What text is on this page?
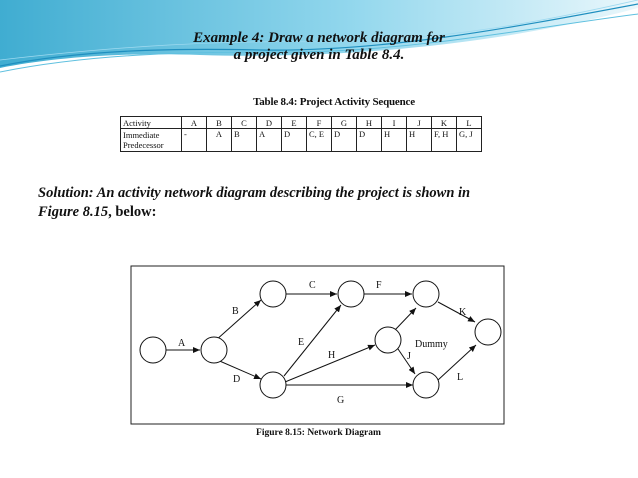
Example 4: Draw a network diagram for
a project given in Table 8.4.
Table 8.4: Project Activity Sequence
Activity	A	B	C	D	E	F	G	H	I	J	K	L
Immediate Predecessor	-	A	B	A	D	C, E	D	D	H	H	F, H	G, J
Solution: An activity network diagram describing the project is shown in
Figure 8.15, below:
A
B
D
C
E
H
G
F
Dummy
J
K
L
Figure 8.15: Network Diagram
